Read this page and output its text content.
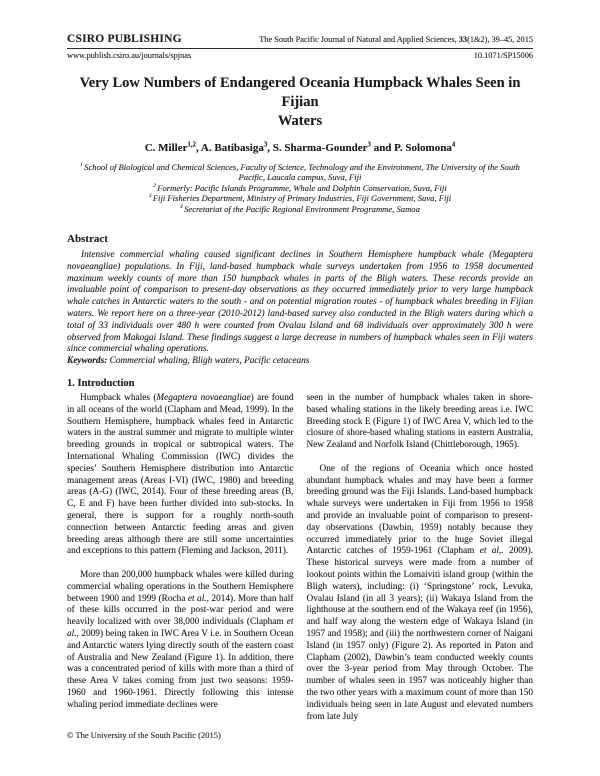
CSIRO PUBLISHING	The South Pacific Journal of Natural and Applied Sciences, 33(1&2), 39–45, 2015
www.publish.csiro.au/journals/spjnas	10.1071/SP15006
Very Low Numbers of Endangered Oceania Humpback Whales Seen in Fijian
Waters
C. Miller$^{1,2}$, A. Batibasiga$^3$, S. Sharma-Gounder$^3$ and P. Solomona$^4$
$^1$ School of Biological and Chemical Sciences, Faculty of Science, Technology and the Environment, The University of the South Pacific, Laucala campus, Suva, Fiji
$^2$ Formerly: Pacific Islands Programme, Whale and Dolphin Conservation, Suva, Fiji
$^3$ Fiji Fisheries Department, Ministry of Primary Industries, Fiji Government, Suva, Fiji
$^4$ Secretariat of the Pacific Regional Environment Programme, Samoa
Abstract
Intensive commercial whaling caused significant declines in Southern Hemisphere humpback whale (Megaptera novaeangliae) populations. In Fiji, land-based humpback whale surveys undertaken from 1956 to 1958 documented maximum weekly counts of more than 150 humpback whales in parts of the Bligh waters. These records provide an invaluable point of comparison to present-day observations as they occurred immediately prior to very large humpback whale catches in Antarctic waters to the south - and on potential migration routes - of humpback whales breeding in Fijian waters. We report here on a three-year (2010-2012) land-based survey also conducted in the Bligh waters during which a total of 33 individuals over 480 h were counted from Ovalau Island and 68 individuals over approximately 300 h were observed from Makogai Island. These findings suggest a large decrease in numbers of humpback whales seen in Fiji waters since commercial whaling operations.
Keywords: Commercial whaling, Bligh waters, Pacific cetaceans
1. Introduction

Humpback whales (Megaptera novaeangliae) are found in all oceans of the world (Clapham and Mead, 1999). In the Southern Hemisphere, humpback whales feed in Antarctic waters in the austral summer and migrate to multiple winter breeding grounds in tropical or subtropical waters. The International Whaling Commission (IWC) divides the species’ Southern Hemisphere distribution into Antarctic management areas (Areas I-VI) (IWC, 1980) and breeding areas (A-G) (IWC, 2014). Four of these breeding areas (B, C, E and F) have been further divided into sub-stocks. In general, there is support for a roughly north-south connection between Antarctic feeding areas and given breeding areas although there are still some uncertainties and exceptions to this pattern (Fleming and Jackson, 2011).

More than 200,000 humpback whales were killed during commercial whaling operations in the Southern Hemisphere between 1900 and 1999 (Rocha et al., 2014). More than half of these kills occurred in the post-war period and were heavily localized with over 38,000 individuals (Clapham et al., 2009) being taken in IWC Area V i.e. in Southern Ocean and Antarctic waters lying directly south of the eastern coast of Australia and New Zealand (Figure 1). In addition, there was a concentrated period of kills with more than a third of these Area V takes coming from just two seasons: 1959-1960 and 1960-1961. Directly following this intense whaling period immediate declines were

seen in the number of humpback whales taken in shore-based whaling stations in the likely breeding areas i.e. IWC Breeding stock E (Figure 1) of IWC Area V, which led to the closure of shore-based whaling stations in eastern Australia, New Zealand and Norfolk Island (Chittleborough, 1965).

One of the regions of Oceania which once hosted abundant humpback whales and may have been a former breeding ground was the Fiji Islands. Land-based humpback whale surveys were undertaken in Fiji from 1956 to 1958 and provide an invaluable point of comparison to present-day observations (Dawbin, 1959) notably because they occurred immediately prior to the huge Soviet illegal Antarctic catches of 1959-1961 (Clapham et al,. 2009). These historical surveys were made from a number of lookout points within the Lomaiviti island group (within the Bligh waters), including: (i) ‘Springstone’ rock, Levuka, Ovalau Island (in all 3 years); (ii) Wakaya Island from the lighthouse at the southern end of the Wakaya reef (in 1956), and half way along the western edge of Wakaya Island (in 1957 and 1958); and (iii) the northwestern corner of Naigani Island (in 1957 only) (Figure 2). As reported in Paton and Clapham (2002), Dawbin’s team conducted weekly counts over the 3-year period from May through October. The number of whales seen in 1957 was noticeably higher than the two other years with a maximum count of more than 150 individuals being seen in late August and elevated numbers from late July

© The University of the South Pacific (2015)
